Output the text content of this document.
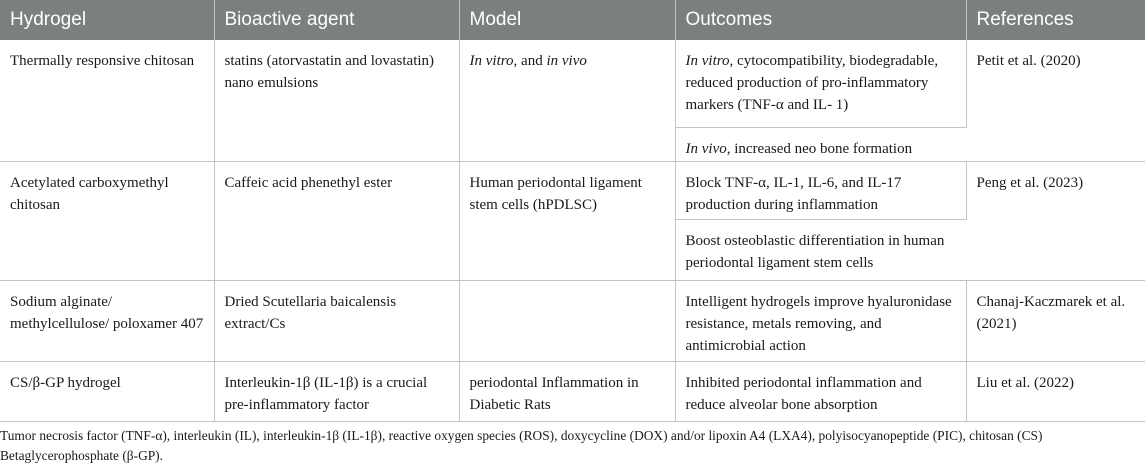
Hydrogel	Bioactive agent	Model	Outcomes	References
Thermally responsive chitosan	statins (atorvastatin and lovastatin) nano emulsions	In vitro, and in vivo	In vitro, cytocompatibility, biodegradable, reduced production of pro-inflammatory markers (TNF-α and IL- 1)	Petit et al. (2020)
			In vivo, increased neo bone formation	
Acetylated carboxymethyl chitosan	Caffeic acid phenethyl ester	Human periodontal ligament stem cells (hPDLSC)	Block TNF-α, IL-1, IL-6, and IL-17 production during inflammation	Peng et al. (2023)
			Boost osteoblastic differentiation in human periodontal ligament stem cells	
Sodium alginate/ methylcellulose/ poloxamer 407	Dried Scutellaria baicalensis extract/Cs		Intelligent hydrogels improve hyaluronidase resistance, metals removing, and antimicrobial action	Chanaj-Kaczmarek et al. (2021)
CS/β-GP hydrogel	Interleukin-1β (IL-1β) is a crucial pre-inflammatory factor	periodontal Inflammation in Diabetic Rats	Inhibited periodontal inflammation and reduce alveolar bone absorption	Liu et al. (2022)
Tumor necrosis factor (TNF-α), interleukin (IL), interleukin-1β (IL-1β), reactive oxygen species (ROS), doxycycline (DOX) and/or lipoxin A4 (LXA4), polyisocyanopeptide (PIC), chitosan (CS) Betaglycerophosphate (β-GP).
